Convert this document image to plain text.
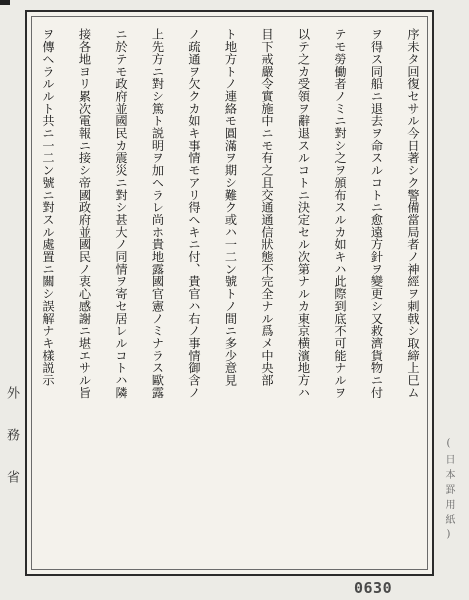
序未タ回復セサル今日著シク警備當局者ノ神經ヲ刺戟シ取締上巳ム
ヲ得ス同船ニ退去ヲ命スルコトニ愈遠方針ヲ變更シ又救濟貨物ニ付
テモ勞働者ノミニ對シ之ヲ頒布スルカ如キハ此際到底不可能ナルヲ
以テ之カ受領ヲ辭退スルコトニ決定セル次第ナルカ東京横濱地方ハ
目下戒嚴令實施中ニモ有之且交通通信狀態不完全ナル爲メ中央部
ト地方トノ連絡モ圓滿ヲ期シ難ク或ハ一二ン號トノ間ニ多少意見
ノ疏通ヲ欠クカ如キ事情モアリ得ヘキニ付、貴官ハ右ノ事情御含ノ
上先方ニ對シ篤ト説明ヲ加ヘラレ尚ホ貴地露國官憲ノミナラス歐露
ニ於テモ政府並國民カ震災ニ對シ甚大ノ同情ヲ寄セ居レルコトハ隣
接各地ヨリ累次電報ニ接シ帝國政府並國民ノ衷心感謝ニ堪エサル旨
ヲ傳ヘラルルト共ニ一二ン號ニ對スル處置ニ關シ誤解ナキ樣説示
外務省	(日本罫用紙)
0630
